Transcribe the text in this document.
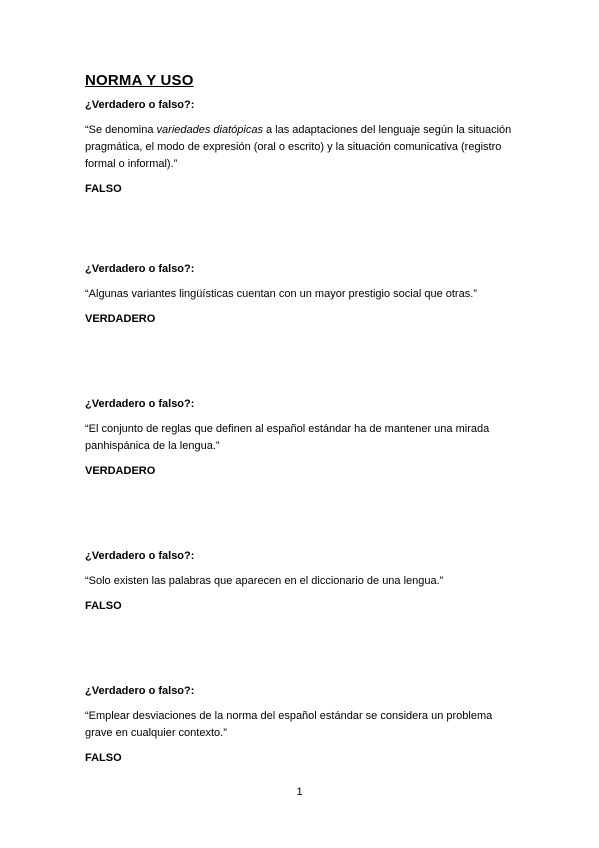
NORMA Y USO

¿Verdadero o falso?:

“Se denomina variedades diatópicas a las adaptaciones del lenguaje según la situación pragmática, el modo de expresión (oral o escrito) y la situación comunicativa (registro formal o informal).”

FALSO

¿Verdadero o falso?:

“Algunas variantes lingüísticas cuentan con un mayor prestigio social que otras.”

VERDADERO

¿Verdadero o falso?:

“El conjunto de reglas que definen al español estándar ha de mantener una mirada panhispánica de la lengua.”

VERDADERO

¿Verdadero o falso?:

“Solo existen las palabras que aparecen en el diccionario de una lengua.”

FALSO

¿Verdadero o falso?:

“Emplear desviaciones de la norma del español estándar se considera un problema grave en cualquier contexto.”

FALSO

1
